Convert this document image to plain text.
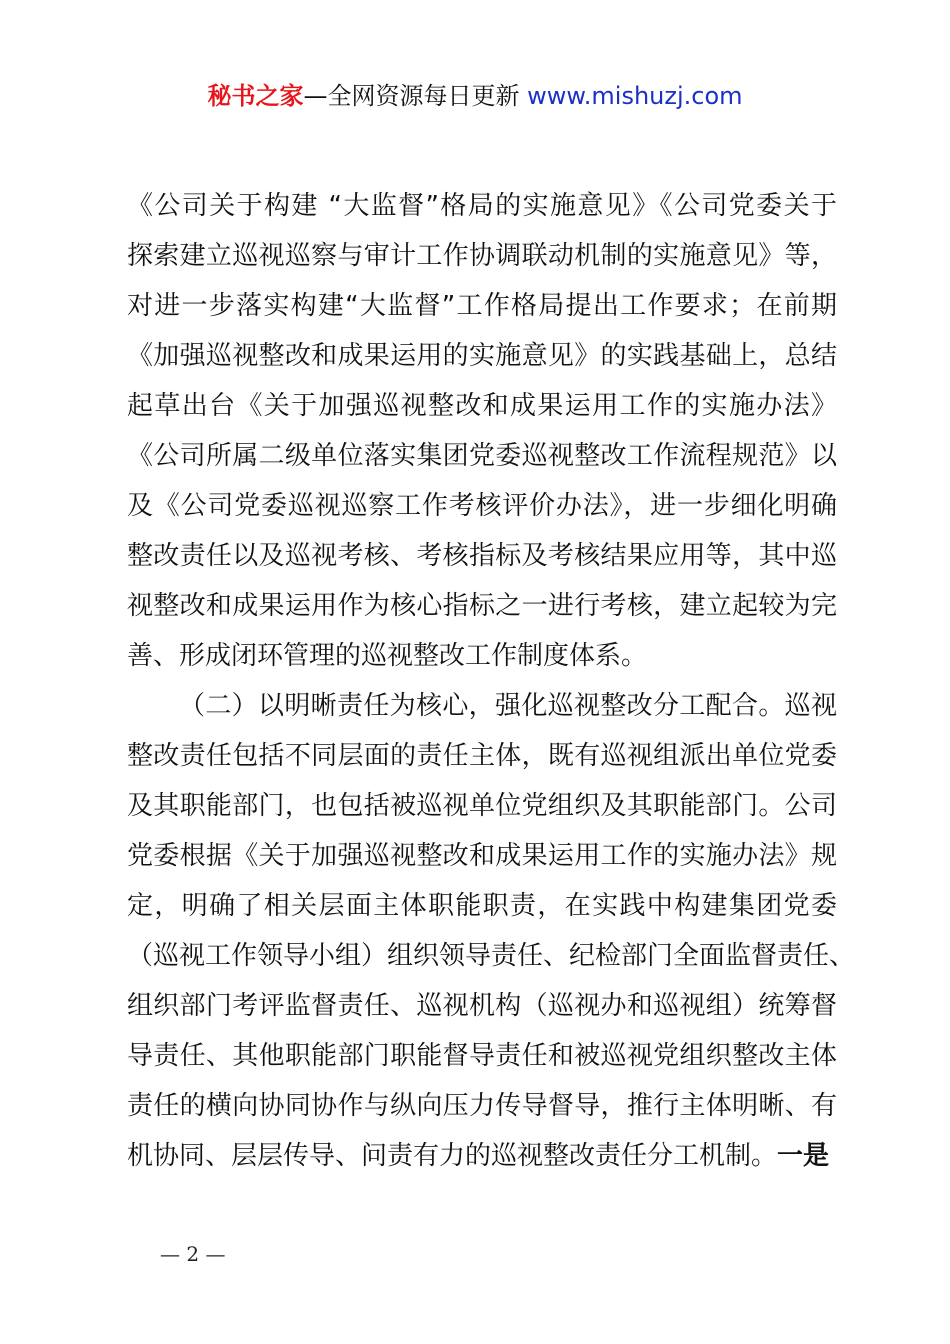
秘书之家—全网资源每日更新 www.mishuzj.com
《公司关于构建 “大监督”格局的实施意见》《公司党委关于
探索建立巡视巡察与审计工作协调联动机制的实施意见》等，
对进一步落实构建“大监督”工作格局提出工作要求；在前期
《加强巡视整改和成果运用的实施意见》的实践基础上，总结
起草出台《关于加强巡视整改和成果运用工作的实施办法》
《公司所属二级单位落实集团党委巡视整改工作流程规范》以
及《公司党委巡视巡察工作考核评价办法》，进一步细化明确
整改责任以及巡视考核、考核指标及考核结果应用等，其中巡
视整改和成果运用作为核心指标之一进行考核，建立起较为完
善、形成闭环管理的巡视整改工作制度体系。
（二）以明晰责任为核心，强化巡视整改分工配合。巡视
整改责任包括不同层面的责任主体，既有巡视组派出单位党委
及其职能部门，也包括被巡视单位党组织及其职能部门。公司
党委根据《关于加强巡视整改和成果运用工作的实施办法》规
定，明确了相关层面主体职能职责，在实践中构建集团党委
（巡视工作领导小组）组织领导责任、纪检部门全面监督责任、
组织部门考评监督责任、巡视机构（巡视办和巡视组）统筹督
导责任、其他职能部门职能督导责任和被巡视党组织整改主体
责任的横向协同协作与纵向压力传导督导，推行主体明晰、有
机协同、层层传导、问责有力的巡视整改责任分工机制。一是
— 2 —
